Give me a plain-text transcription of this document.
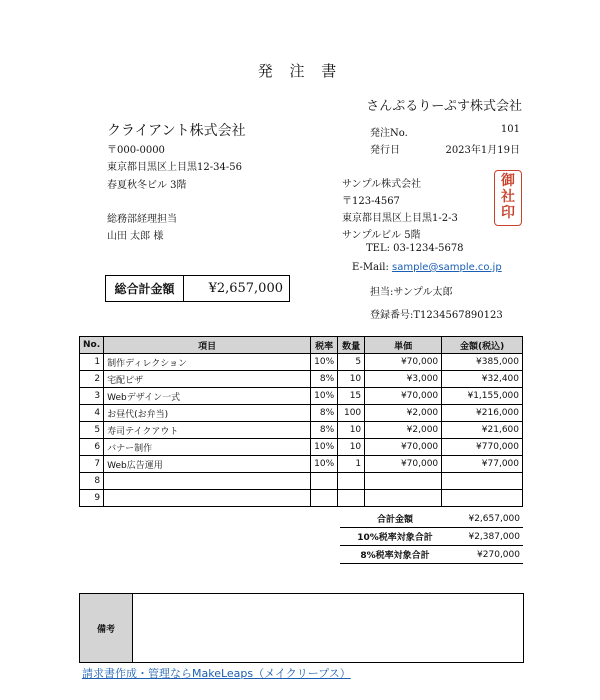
発 注 書
さんぷるりーぷす株式会社
クライアント株式会社
〒000-0000
東京都目黒区上目黒12-34-56
春夏秋冬ビル 3階
総務部経理担当
山田 太郎 様
発注No.	101
発行日	2023年1月19日
サンプル株式会社
〒123-4567
東京都目黒区上目黒1-2-3
サンプルビル 5階
TEL: 03-1234-5678
E-Mail: sample@sample.co.jp
担当:サンプル太郎
登録番号:T1234567890123
御
社
印
総合計金額	¥2,657,000
No.	項目	税率	数量	単価	金額(税込)
1	制作ディレクション	10%	5	¥70,000	¥385,000
2	宅配ピザ	8%	10	¥3,000	¥32,400
3	Webデザイン一式	10%	15	¥70,000	¥1,155,000
4	お昼代(お弁当)	8%	100	¥2,000	¥216,000
5	寿司テイクアウト	8%	10	¥2,000	¥21,600
6	バナー制作	10%	10	¥70,000	¥770,000
7	Web広告運用	10%	1	¥70,000	¥77,000
8					
9					
合計金額	¥2,657,000
10%税率対象合計	¥2,387,000
8%税率対象合計	¥270,000
備考
請求書作成・管理ならMakeLeaps（メイクリープス）
